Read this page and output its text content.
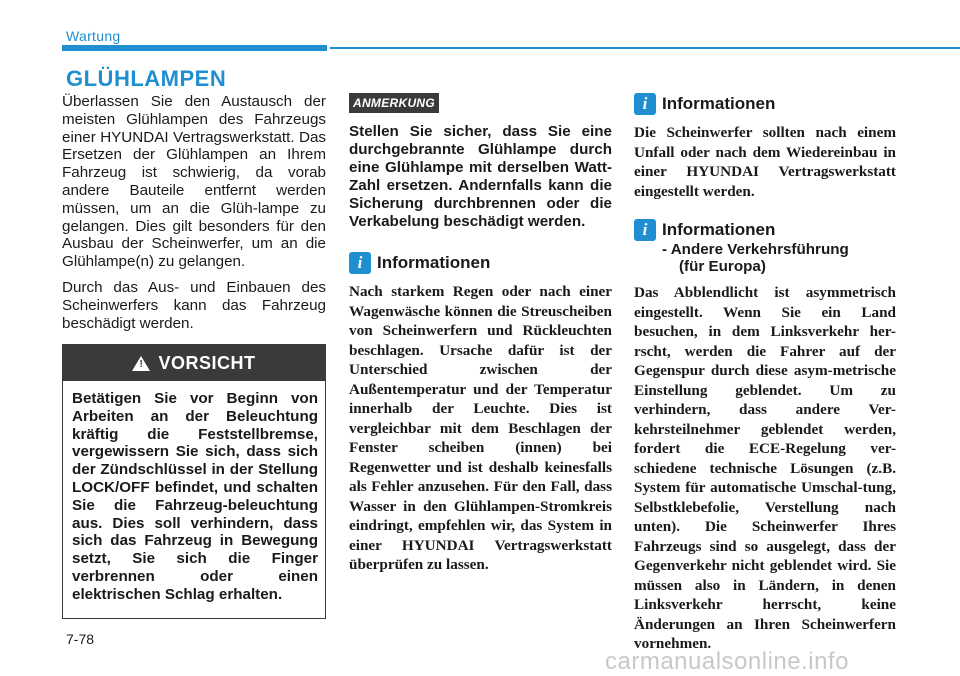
Wartung
GLÜHLAMPEN

Überlassen Sie den Austausch der meisten Glühlampen des Fahrzeugs einer HYUNDAI Vertragswerkstatt. Das Ersetzen der Glühlampen an Ihrem Fahrzeug ist schwierig, da vorab andere Bauteile entfernt werden müssen, um an die Glüh-lampe zu gelangen. Dies gilt besonders für den Ausbau der Scheinwerfer, um an die Glühlampe(n) zu gelangen.

Durch das Aus- und Einbauen des Scheinwerfers kann das Fahrzeug beschädigt werden.

! VORSICHT
Betätigen Sie vor Beginn von Arbeiten an der Beleuchtung kräftig die Feststellbremse, vergewissern Sie sich, dass sich der Zündschlüssel in der Stellung LOCK/OFF befindet, und schalten Sie die Fahrzeug-beleuchtung aus. Dies soll verhindern, dass sich das Fahrzeug in Bewegung setzt, Sie sich die Finger verbrennen oder einen elektrischen Schlag erhalten.
ANMERKUNG

Stellen Sie sicher, dass Sie eine durchgebrannte Glühlampe durch eine Glühlampe mit derselben Watt- Zahl ersetzen. Andernfalls kann die Sicherung durchbrennen oder die Verkabelung beschädigt werden.

i Informationen

Nach starkem Regen oder nach einer Wagenwäsche können die Streuscheiben von Scheinwerfern und Rückleuchten beschlagen. Ursache dafür ist der Unterschied zwischen der Außentemperatur und der Temperatur innerhalb der Leuchte. Dies ist vergleichbar mit dem Beschlagen der Fenster scheiben (innen) bei Regenwetter und ist deshalb keinesfalls als Fehler anzusehen. Für den Fall, dass Wasser in den Glühlampen-Stromkreis eindringt, empfehlen wir, das System in einer HYUNDAI Vertragswerkstatt überprüfen zu lassen.

i Informationen

Die Scheinwerfer sollten nach einem Unfall oder nach dem Wiedereinbau in einer HYUNDAI Vertragswerkstatt eingestellt werden.

i Informationen
- Andere Verkehrsführung
(für Europa)

Das Abblendlicht ist asymmetrisch eingestellt. Wenn Sie ein Land besuchen, in dem Linksverkehr her-rscht, werden die Fahrer auf der Gegenspur durch diese asym-metrische Einstellung geblendet. Um zu verhindern, dass andere Ver-kehrsteilnehmer geblendet werden, fordert die ECE-Regelung ver-schiedene technische Lösungen (z.B. System für automatische Umschal-tung, Selbstklebefolie, Verstellung nach unten). Die Scheinwerfer Ihres Fahrzeugs sind so ausgelegt, dass der Gegenverkehr nicht geblendet wird. Sie müssen also in Ländern, in denen Linksverkehr herrscht, keine Änderungen an Ihren Scheinwerfern vornehmen.

7-78
carmanualsonline.info
